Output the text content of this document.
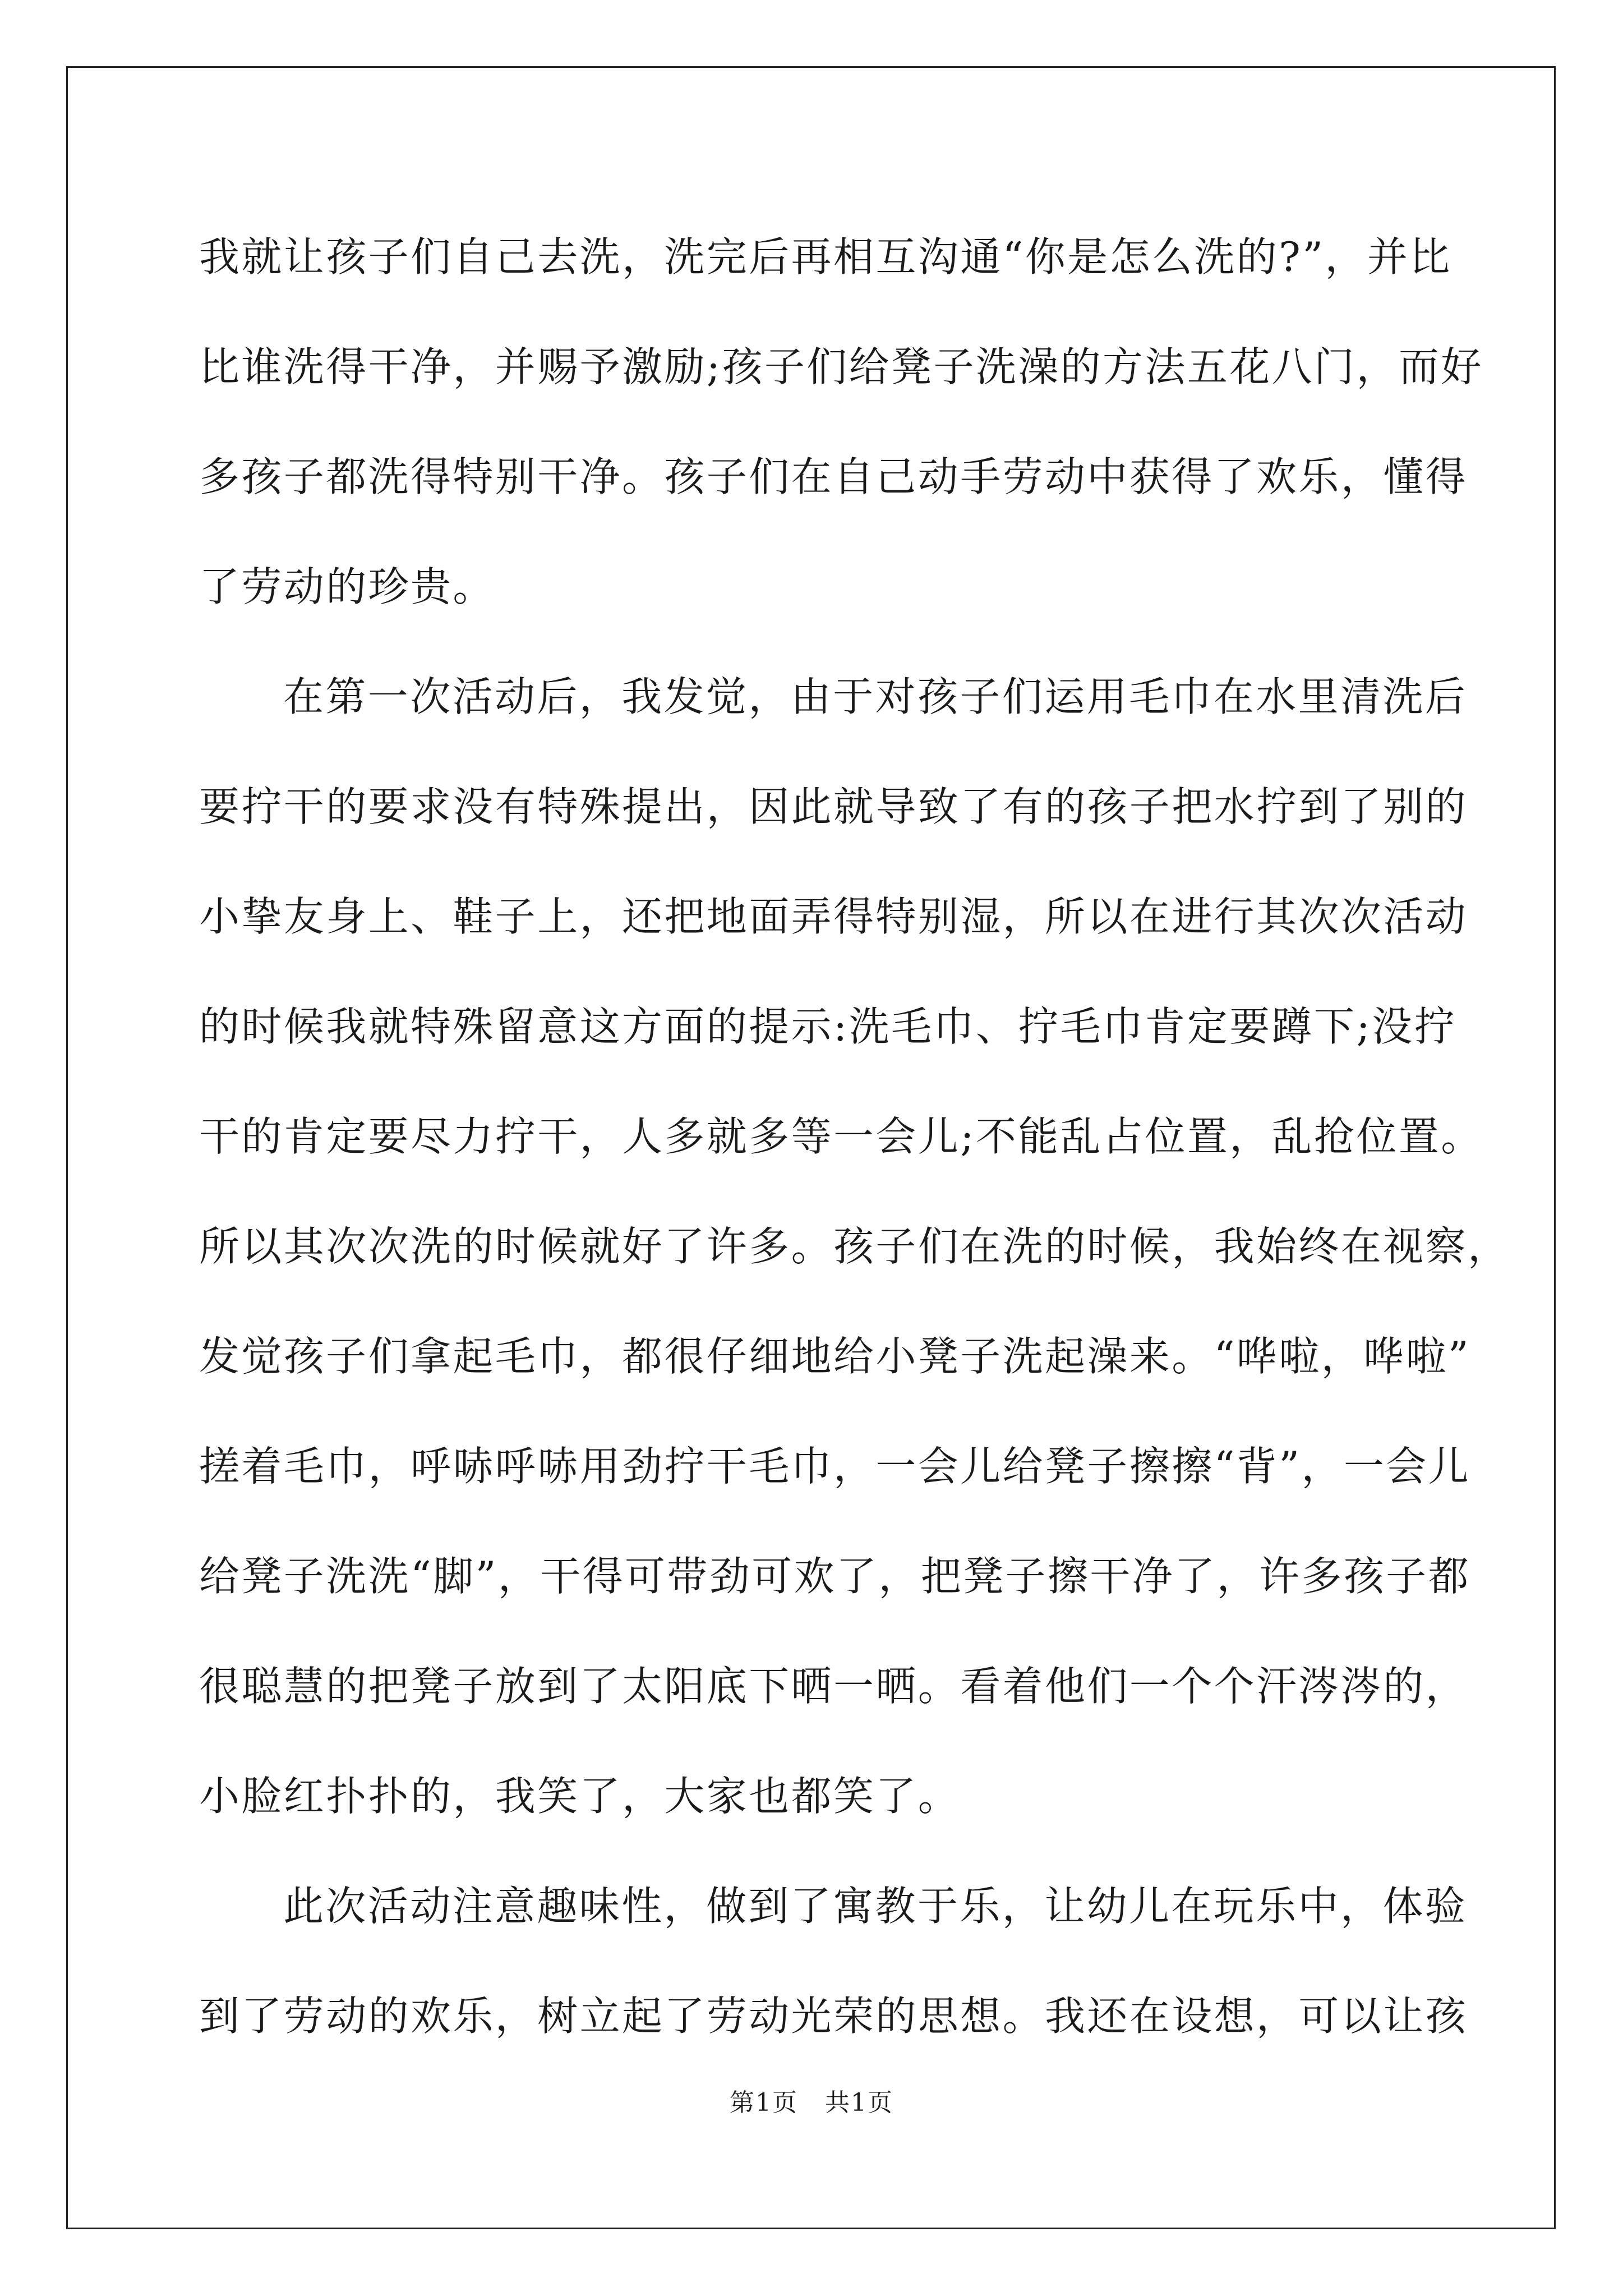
我就让孩子们自己去洗，洗完后再相互沟通“你是怎么洗的?”，并比
比谁洗得干净，并赐予激励;孩子们给凳子洗澡的方法五花八门，而好
多孩子都洗得特别干净。孩子们在自己动手劳动中获得了欢乐，懂得
了劳动的珍贵。
在第一次活动后，我发觉，由于对孩子们运用毛巾在水里清洗后
要拧干的要求没有特殊提出，因此就导致了有的孩子把水拧到了别的
小挚友身上、鞋子上，还把地面弄得特别湿，所以在进行其次次活动
的时候我就特殊留意这方面的提示:洗毛巾、拧毛巾肯定要蹲下;没拧
干的肯定要尽力拧干，人多就多等一会儿;不能乱占位置，乱抢位置。
所以其次次洗的时候就好了许多。孩子们在洗的时候，我始终在视察，
发觉孩子们拿起毛巾，都很仔细地给小凳子洗起澡来。“哗啦，哗啦”
搓着毛巾，呼哧呼哧用劲拧干毛巾，一会儿给凳子擦擦“背”，一会儿
给凳子洗洗“脚”，干得可带劲可欢了，把凳子擦干净了，许多孩子都
很聪慧的把凳子放到了太阳底下晒一晒。看着他们一个个汗涔涔的，
小脸红扑扑的，我笑了，大家也都笑了。
此次活动注意趣味性，做到了寓教于乐，让幼儿在玩乐中，体验
到了劳动的欢乐，树立起了劳动光荣的思想。我还在设想，可以让孩
第1页 共1页
